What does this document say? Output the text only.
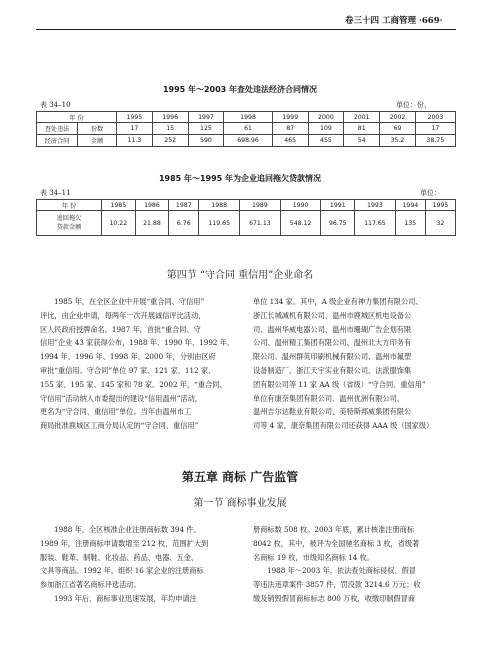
卷三十四 工商管理 ·669·
1995 年～2003 年查处违法经济合同情况
表 34–10	单位：份、
年 份		1995	1996	1997	1998	1999	2000	2001	2002	2003
查处违法	份数	17	15	125	61	87	109	81	69	17
经济合同	金额	11.3	252	590	698.96	465	455	54	35.2	38.75
1985 年～1995 年为企业追回拖欠贷款情况
表 34–11	单位：
年 份	1985	1986	1987	1988	1989	1990	1991	1993	1994	1995

追回拖欠
贷款金额	10.22	21.88	6.76	119.65	671.13	548.12	96.75	117.65	135	32
第四节 “守合同 重信用”企业命名
1985 年，在全区企业中开展“重合同、守信用”
评比，由企业申请，每两年一次开展诚信评比活动，
区人民政府授牌命名。1987 年，首批“重合同、守
信用”企业 43 家获得公布，1988 年、1990 年、1992 年、
1994 年、1996 年、1998 年、2000 年，分别由区府
审批“重信用、守合同”单位 97 家、121 家、112 家、
155 家、195 家、145 家和 78 家。2002 年，“重合同、
守信用”活动纳入市委提出的建设“信用温州”活动，
更名为“守合同、重信用”单位。当年由温州市工
商局批准鹿城区工商分局认定的“守合同、重信用”
单位 134 家。其中，A 级企业有神力集团有限公司、
浙江长城减机有限公司、温州市鹿城区机电设备公
司、温州华威电器公司、温州市珊瑚广告企划有限
公司、温州精工集团有限公司、温州北大方印务有
限公司、温州群英印刷机械有限公司、温州市氟塑
设备制造厂、浙江天宇实业有限公司、法派服饰集
团有限公司等 11 家 AA 级（省级）“守合同、重信用”
单位有康奈集团有限公司、温州优洲有限公司、
温州吉尔达鞋业有限公司、美特斯邦威集团有限公
司等 4 家，康奈集团有限公司还获得 AAA 级（国家级）
第五章 商标 广告监管
第一节 商标事业发展
1988 年，全区核准企业注册商标数 394 件。
1989 年，注册商标申请数增至 212 枚，范围扩大到
服装、鞋革、制鞋、化妆品、药品、电器、五金、
文具等商品。1992 年，组织 16 家企业的注册商标
参加浙江省著名商标评选活动。
1993 年后，商标事业迅速发展，年均申请注
册商标数 508 枚。2003 年底，累计核准注册商标
8042 枚，其中，被评为全国驰名商标 3 枚，省级著
名商标 19 枚，市级知名商标 14 枚。
1988 年～2003 年，依法查处商标侵权、假冒
等违法违章案件 3857 件，罚没款 3214.6 万元；收
缴及销毁假冒商标标志 800 万枚，收缴印制假冒商
